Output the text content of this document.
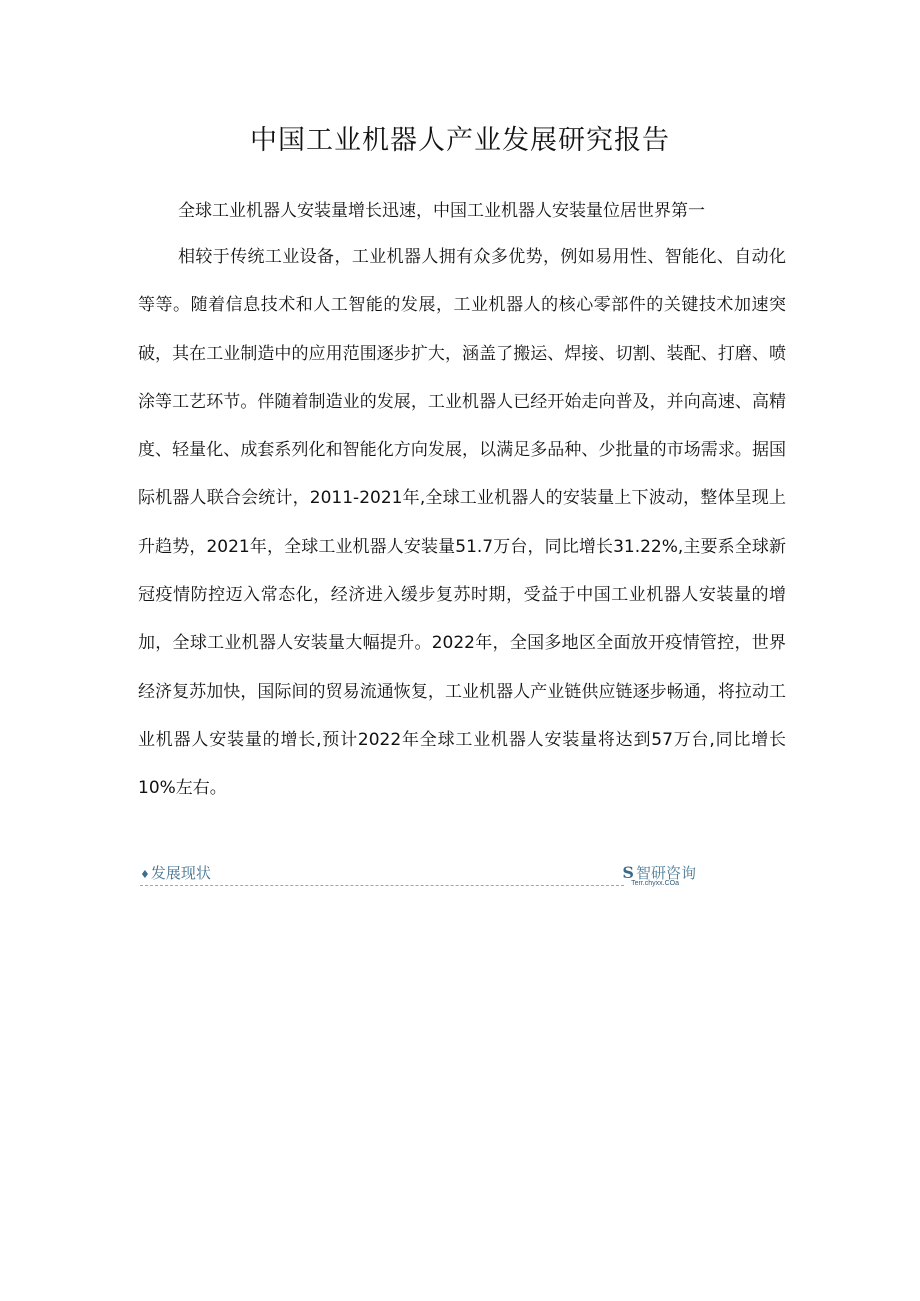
中国工业机器人产业发展研究报告
全球工业机器人安装量增长迅速，中国工业机器人安装量位居世界第一

相较于传统工业设备，工业机器人拥有众多优势，例如易用性、智能化、自动化等等。随着信息技术和人工智能的发展，工业机器人的核心零部件的关键技术加速突破，其在工业制造中的应用范围逐步扩大，涵盖了搬运、焊接、切割、装配、打磨、喷涂等工艺环节。伴随着制造业的发展，工业机器人已经开始走向普及，并向高速、高精度、轻量化、成套系列化和智能化方向发展，以满足多品种、少批量的市场需求。据国际机器人联合会统计，2011-2021年,全球工业机器人的安装量上下波动，整体呈现上升趋势，2021年，全球工业机器人安装量51.7万台，同比增长31.22%,主要系全球新冠疫情防控迈入常态化，经济进入缓步复苏时期，受益于中国工业机器人安装量的增加，全球工业机器人安装量大幅提升。2022年，全国多地区全面放开疫情管控，世界经济复苏加快，国际间的贸易流通恢复，工业机器人产业链供应链逐步畅通，将拉动工业机器人安装量的增长,预计2022年全球工业机器人安装量将达到57万台,同比增长10%左右。

♦发展现状	S 智研咨询
Terr.chyxx.COa
